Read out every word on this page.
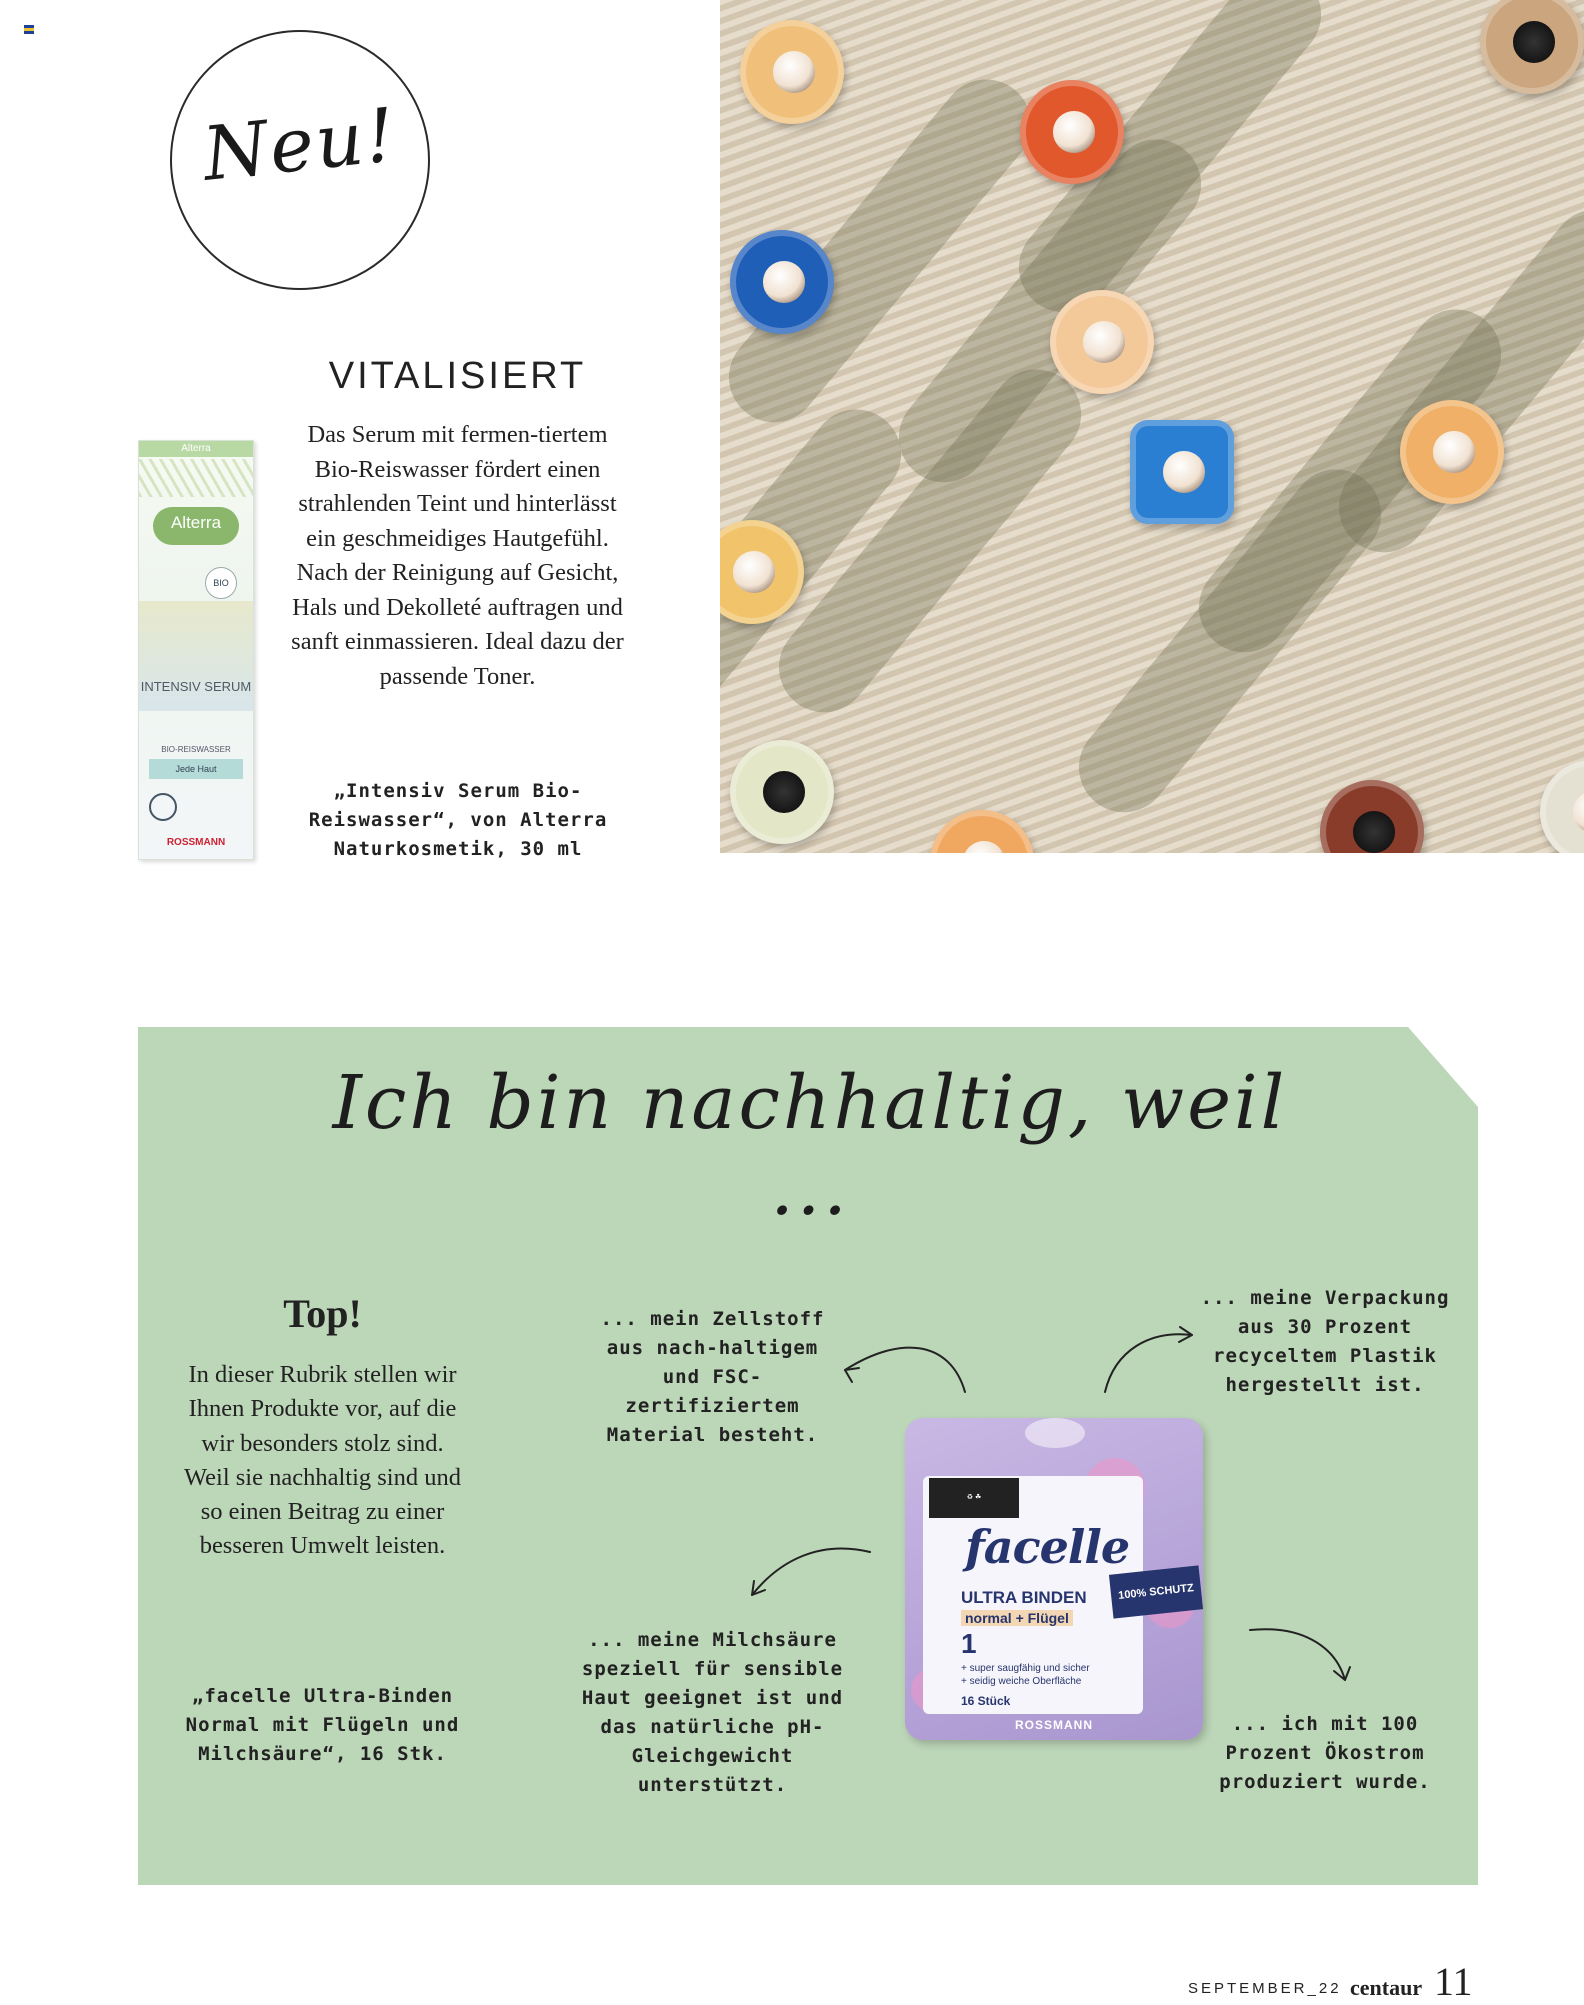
Neu!
Alterra
Alterra
BIO
INTENSIV SERUM
BIO-REISWASSER
Jede Haut
ROSSMANN
VITALISIERT
Das Serum mit fermen-tiertem Bio-Reiswasser fördert einen strahlenden Teint und hinterlässt ein geschmeidiges Hautgefühl. Nach der Reinigung auf Gesicht, Hals und Dekolleté auftragen und sanft einmassieren. Ideal dazu der passende Toner.
„Intensiv Serum Bio-Reiswasser“, von Alterra Naturkosmetik, 30 ml
Ich bin nachhaltig, weil ...
Top!
In dieser Rubrik stellen wir Ihnen Produkte vor, auf die wir besonders stolz sind. Weil sie nachhaltig sind und so einen Beitrag zu einer besseren Umwelt leisten.
„facelle Ultra-Binden Normal mit Flügeln und Milchsäure“, 16 Stk.
... mein Zellstoff aus nach-haltigem und FSC-zertifiziertem Material besteht.
... meine Verpackung aus 30 Prozent recyceltem Plastik hergestellt ist.
... meine Milchsäure speziell für sensible Haut geeignet ist und das natürliche pH-Gleichgewicht unterstützt.
... ich mit 100 Prozent Ökostrom produziert wurde.
♻ ☘
facelle
ULTRA BINDEN
normal + Flügel
1
+ super saugfähig und sicher
+ seidig weiche Oberfläche
16 Stück
100% SCHUTZ
ROSSMANN
SEPTEMBER_22 centaur 11
